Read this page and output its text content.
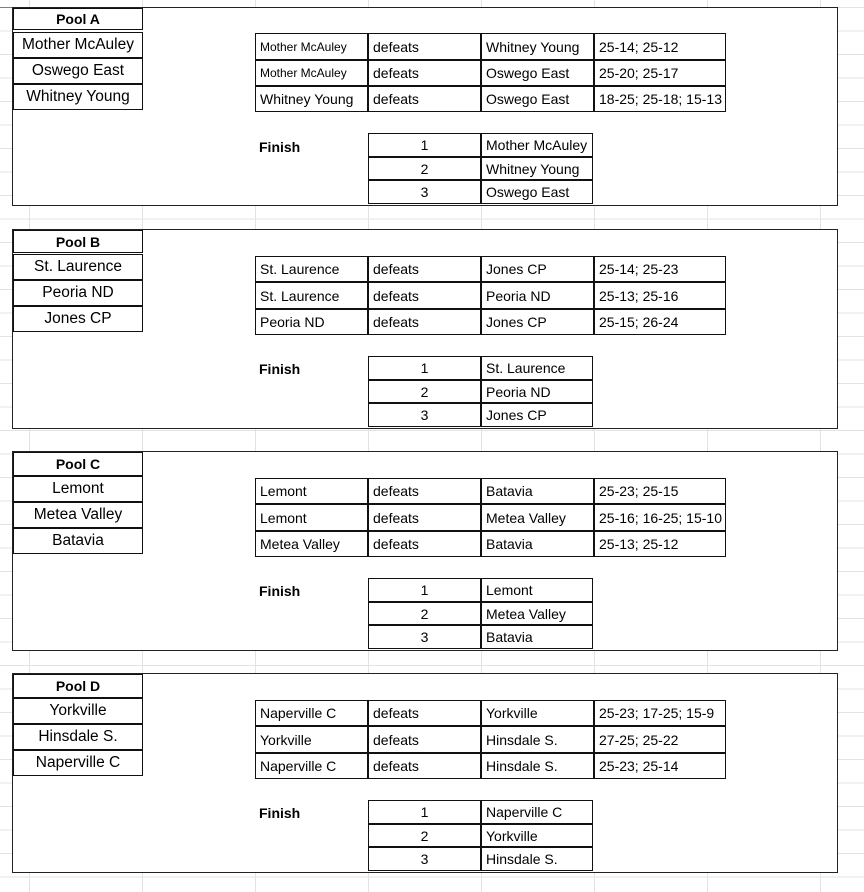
Pool A
Mother McAuley
Oswego East
Whitney Young
Mother McAuley	defeats	Whitney Young	25-14; 25-12
Mother McAuley	defeats	Oswego East	25-20; 25-17
Whitney Young	defeats	Oswego East	18-25; 25-18; 15-13
Finish	1	Mother McAuley
2	Whitney Young
3	Oswego East
Pool B
St. Laurence
Peoria ND
Jones CP
St. Laurence	defeats	Jones CP	25-14; 25-23
St. Laurence	defeats	Peoria ND	25-13; 25-16
Peoria ND	defeats	Jones CP	25-15; 26-24
Finish	1	St. Laurence
2	Peoria ND
3	Jones CP
Pool C
Lemont
Metea Valley
Batavia
Lemont	defeats	Batavia	25-23; 25-15
Lemont	defeats	Metea Valley	25-16; 16-25; 15-10
Metea Valley	defeats	Batavia	25-13; 25-12
Finish	1	Lemont
2	Metea Valley
3	Batavia
Pool D
Yorkville
Hinsdale S.
Naperville C
Naperville C	defeats	Yorkville	25-23; 17-25; 15-9
Yorkville	defeats	Hinsdale S.	27-25; 25-22
Naperville C	defeats	Hinsdale S.	25-23; 25-14
Finish	1	Naperville C
2	Yorkville
3	Hinsdale S.
